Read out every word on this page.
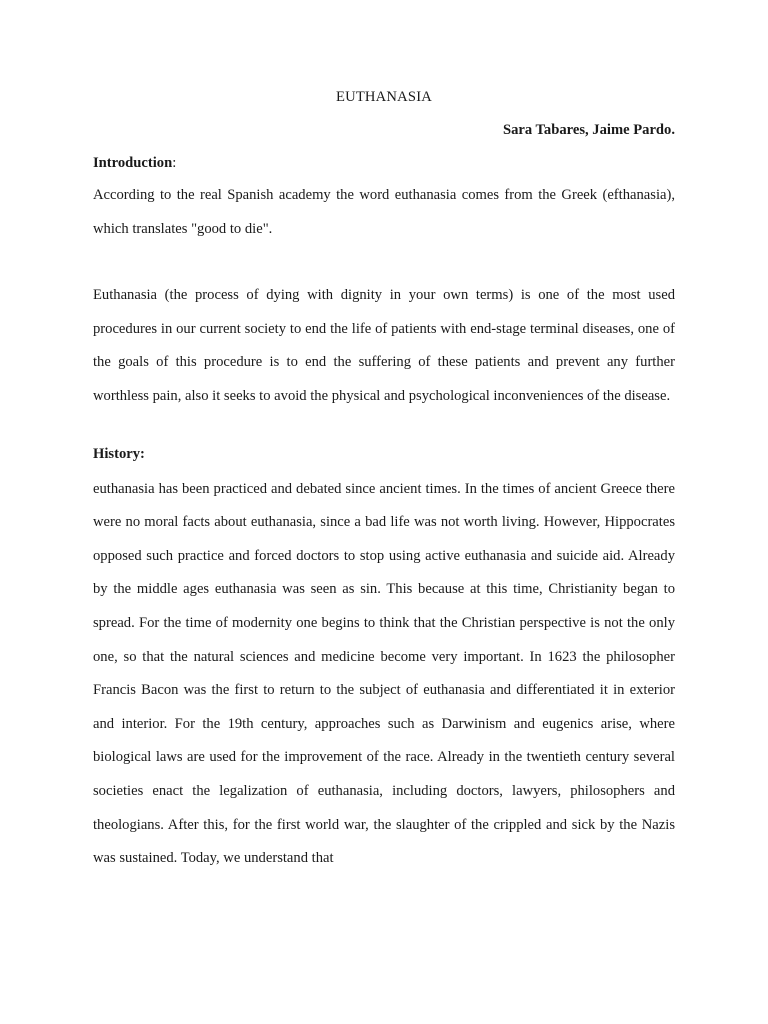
EUTHANASIA

Sara Tabares, Jaime Pardo.

Introduction:

According to the real Spanish academy the word euthanasia comes from the Greek (efthanasia), which translates "good to die".

Euthanasia (the process of dying with dignity in your own terms) is one of the most used procedures in our current society to end the life of patients with end-stage terminal diseases, one of the goals of this procedure is to end the suffering of these patients and prevent any further worthless pain, also it seeks to avoid the physical and psychological inconveniences of the disease.

History:

euthanasia has been practiced and debated since ancient times. In the times of ancient Greece there were no moral facts about euthanasia, since a bad life was not worth living. However, Hippocrates opposed such practice and forced doctors to stop using active euthanasia and suicide aid. Already by the middle ages euthanasia was seen as sin. This because at this time, Christianity began to spread. For the time of modernity one begins to think that the Christian perspective is not the only one, so that the natural sciences and medicine become very important. In 1623 the philosopher Francis Bacon was the first to return to the subject of euthanasia and differentiated it in exterior and interior. For the 19th century, approaches such as Darwinism and eugenics arise, where biological laws are used for the improvement of the race. Already in the twentieth century several societies enact the legalization of euthanasia, including doctors, lawyers, philosophers and theologians. After this, for the first world war, the slaughter of the crippled and sick by the Nazis was sustained. Today, we understand that
